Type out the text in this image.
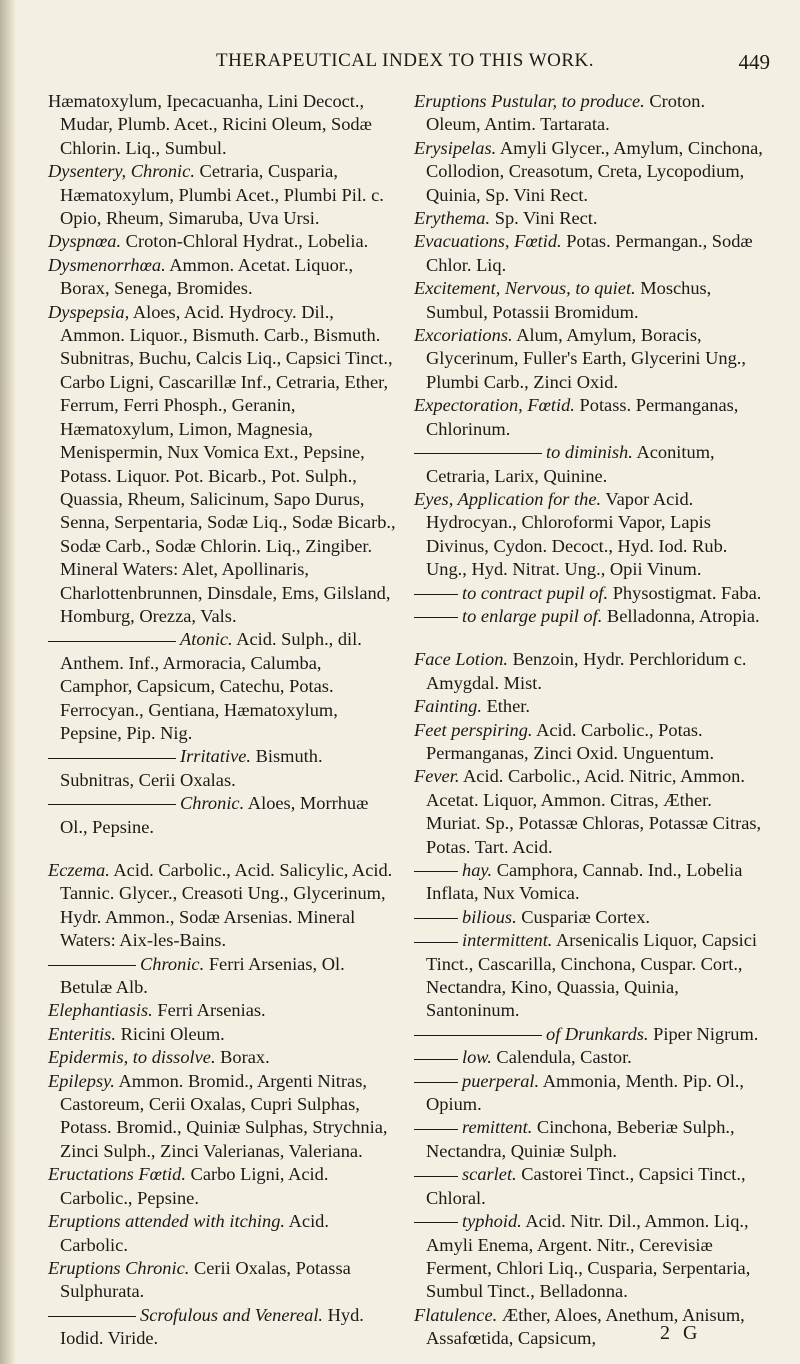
THERAPEUTICAL INDEX TO THIS WORK.	449
Hæmatoxylum, Ipecacuanha, Lini Decoct., Mudar, Plumb. Acet., Ricini Oleum, Sodæ Chlorin. Liq., Sumbul.
Dysentery, Chronic. Cetraria, Cusparia, Hæmatoxylum, Plumbi Acet., Plumbi Pil. c. Opio, Rheum, Simaruba, Uva Ursi.
Dyspnœa. Croton-Chloral Hydrat., Lobelia.
Dysmenorrhœa. Ammon. Acetat. Liquor., Borax, Senega, Bromides.
Dyspepsia, Aloes, Acid. Hydrocy. Dil., Ammon. Liquor., Bismuth. Carb., Bismuth. Subnitras, Buchu, Calcis Liq., Capsici Tinct., Carbo Ligni, Cascarillæ Inf., Cetraria, Ether, Ferrum, Ferri Phosph., Geranin, Hæmatoxylum, Limon, Magnesia, Menispermin, Nux Vomica Ext., Pepsine, Potass. Liquor. Pot. Bicarb., Pot. Sulph., Quassia, Rheum, Salicinum, Sapo Durus, Senna, Serpentaria, Sodæ Liq., Sodæ Bicarb., Sodæ Carb., Sodæ Chlorin. Liq., Zingiber. Mineral Waters: Alet, Apollinaris, Charlottenbrunnen, Dinsdale, Ems, Gilsland, Homburg, Orezza, Vals.
Atonic. Acid. Sulph., dil. Anthem. Inf., Armoracia, Calumba, Camphor, Capsicum, Catechu, Potas. Ferrocyan., Gentiana, Hæmatoxylum, Pepsine, Pip. Nig.
Irritative. Bismuth. Subnitras, Cerii Oxalas.
Chronic. Aloes, Morrhuæ Ol., Pepsine.
Eczema. Acid. Carbolic., Acid. Salicylic, Acid. Tannic. Glycer., Creasoti Ung., Glycerinum, Hydr. Ammon., Sodæ Arsenias. Mineral Waters: Aix-les-Bains.
Chronic. Ferri Arsenias, Ol. Betulæ Alb.
Elephantiasis. Ferri Arsenias.
Enteritis. Ricini Oleum.
Epidermis, to dissolve. Borax.
Epilepsy. Ammon. Bromid., Argenti Nitras, Castoreum, Cerii Oxalas, Cupri Sulphas, Potass. Bromid., Quiniæ Sulphas, Strychnia, Zinci Sulph., Zinci Valerianas, Valeriana.
Eructations Fœtid. Carbo Ligni, Acid. Carbolic., Pepsine.
Eruptions attended with itching. Acid. Carbolic.
Eruptions Chronic. Cerii Oxalas, Potassa Sulphurata.
Scrofulous and Venereal. Hyd. Iodid. Viride.
Eruptions Pustular, to produce. Croton. Oleum, Antim. Tartarata.
Erysipelas. Amyli Glycer., Amylum, Cinchona, Collodion, Creasotum, Creta, Lycopodium, Quinia, Sp. Vini Rect.
Erythema. Sp. Vini Rect.
Evacuations, Fœtid. Potas. Permangan., Sodæ Chlor. Liq.
Excitement, Nervous, to quiet. Moschus, Sumbul, Potassii Bromidum.
Excoriations. Alum, Amylum, Boracis, Glycerinum, Fuller's Earth, Glycerini Ung., Plumbi Carb., Zinci Oxid.
Expectoration, Fœtid. Potass. Permanganas, Chlorinum.
to diminish. Aconitum, Cetraria, Larix, Quinine.
Eyes, Application for the. Vapor Acid. Hydrocyan., Chloroformi Vapor, Lapis Divinus, Cydon. Decoct., Hyd. Iod. Rub. Ung., Hyd. Nitrat. Ung., Opii Vinum.
to contract pupil of. Physostigmat. Faba.
to enlarge pupil of. Belladonna, Atropia.
Face Lotion. Benzoin, Hydr. Perchloridum c. Amygdal. Mist.
Fainting. Ether.
Feet perspiring. Acid. Carbolic., Potas. Permanganas, Zinci Oxid. Unguentum.
Fever. Acid. Carbolic., Acid. Nitric, Ammon. Acetat. Liquor, Ammon. Citras, Æther. Muriat. Sp., Potassæ Chloras, Potassæ Citras, Potas. Tart. Acid.
hay. Camphora, Cannab. Ind., Lobelia Inflata, Nux Vomica.
bilious. Cuspariæ Cortex.
intermittent. Arsenicalis Liquor, Capsici Tinct., Cascarilla, Cinchona, Cuspar. Cort., Nectandra, Kino, Quassia, Quinia, Santoninum.
of Drunkards. Piper Nigrum.
low. Calendula, Castor.
puerperal. Ammonia, Menth. Pip. Ol., Opium.
remittent. Cinchona, Beberiæ Sulph., Nectandra, Quiniæ Sulph.
scarlet. Castorei Tinct., Capsici Tinct., Chloral.
typhoid. Acid. Nitr. Dil., Ammon. Liq., Amyli Enema, Argent. Nitr., Cerevisiæ Ferment, Chlori Liq., Cusparia, Serpentaria, Sumbul Tinct., Belladonna.
Flatulence. Æther, Aloes, Anethum, Anisum, Assafœtida, Capsicum,	2 G
